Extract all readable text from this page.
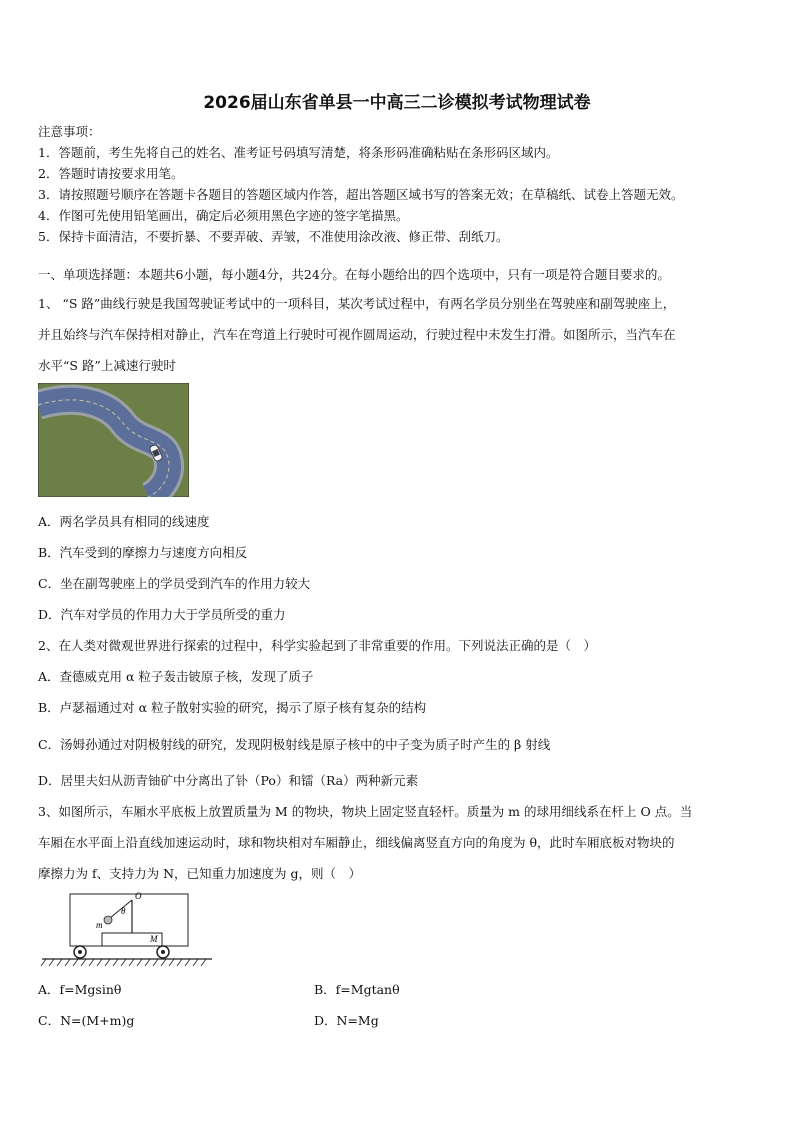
2026届山东省单县一中高三二诊模拟考试物理试卷
注意事项：
1．答题前，考生先将自己的姓名、准考证号码填写清楚，将条形码准确粘贴在条形码区域内。
2．答题时请按要求用笔。
3．请按照题号顺序在答题卡各题目的答题区域内作答，超出答题区域书写的答案无效；在草稿纸、试卷上答题无效。
4．作图可先使用铅笔画出，确定后必须用黑色字迹的签字笔描黑。
5．保持卡面清洁，不要折暴、不要弄破、弄皱，不准使用涂改液、修正带、刮纸刀。
一、单项选择题：本题共6小题，每小题4分，共24分。在每小题给出的四个选项中，只有一项是符合题目要求的。
1、 “S 路”曲线行驶是我国驾驶证考试中的一项科目，某次考试过程中，有两名学员分别坐在驾驶座和副驾驶座上，
并且始终与汽车保持相对静止，汽车在弯道上行驶时可视作圆周运动，行驶过程中未发生打滑。如图所示，当汽车在
水平“S 路”上减速行驶时
A．两名学员具有相同的线速度
B．汽车受到的摩擦力与速度方向相反
C．坐在副驾驶座上的学员受到汽车的作用力较大
D．汽车对学员的作用力大于学员所受的重力
2、在人类对微观世界进行探索的过程中，科学实验起到了非常重要的作用。下列说法正确的是（　）
A．查德威克用 α 粒子轰击铍原子核，发现了质子
B．卢瑟福通过对 α 粒子散射实验的研究，揭示了原子核有复杂的结构
C．汤姆孙通过对阴极射线的研究，发现阴极射线是原子核中的中子变为质子时产生的 β 射线
D．居里夫妇从沥青铀矿中分离出了钋（Po）和镭（Ra）两种新元素
3、如图所示，车厢水平底板上放置质量为 M 的物块，物块上固定竖直轻杆。质量为 m 的球用细线系在杆上 O 点。当
车厢在水平面上沿直线加速运动时，球和物块相对车厢静止，细线偏离竖直方向的角度为 θ，此时车厢底板对物块的
摩擦力为 f、支持力为 N，已知重力加速度为 g，则（　）
O
θ
m
M
A．f=Mgsinθ	B．f=Mgtanθ
C．N=(M+m)g	D．N=Mg
